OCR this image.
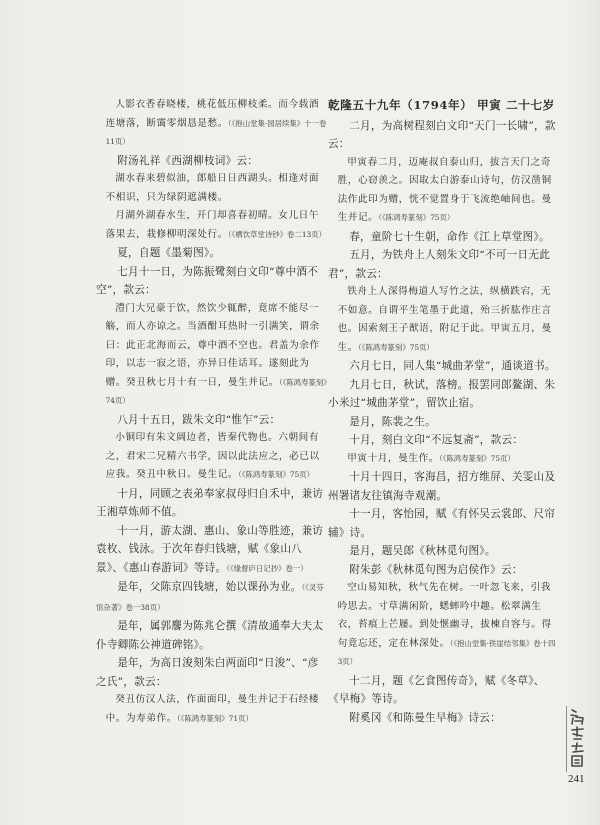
人影衣香春晓楼，桃花低压柳枝柔。而今载酒连塘落，断霭零烟恳是愁。（《抱山堂集·园居续集》十一卷11页）

附汤礼祥《西湖柳枝词》云：

湖水春来碧似油，郎船日日西湖头。相逢对面不相识，只为绿阴遮满楼。

月湖外湖春水生，开门却喜春初晴。女儿日午落果去，栽修柳明深处行。（《栖饮草堂诗钞》卷二13页）

夏，自题《墨菊图》。

七月十一日，为陈振鹭刻白文印“尊中酒不空”，款云：

澧门大兄豪于饮，然饮少辄醉，竟席不能尽一觞，而人亦谅之。当酒酣耳热时一引满笑，谓余曰：此正北海而云，尊中酒不空也。君盖为余作印，以志一寂之语，亦异日佳话耳。遂刻此为赠。癸丑秋七月十有一日，曼生并记。（《陈鸿寿篆刻》74页）

八月十五日，跋朱文印“惟乍”云：

小铜印有朱文阔边者，皆秦代物也。六朝间有之，君宋二兄精六书学，因以此法应之，必已以应我。癸丑中秋日。曼生记。（《陈鸿寿篆刻》75页）

十月，同顾之表弟奉家叔母归自禾中，兼访王湘草炼师不值。

十一月，游太湖、惠山、象山等胜迹，兼访袁枚、钱泳。于次年春归钱塘，赋《象山八景》、《惠山春游词》等诗。（《缘督庐日记抄》卷一）

是年，父陈京四钱塘，始以课孙为业。（《灵芬馆杂著》卷一38页）

是年，属郭麐为陈兆仑撰《清故通奉大夫太仆寺卿陈公神道碑铭》。

是年，为高日浚刻朱白两面印“日浚”、“彦之氏”，款云：

癸丑仿汉人法，作面面印，曼生并记于石经楼中。为寿弟作。（《陈鸿寿篆刻》71页）

乾隆五十九年（1794年） 甲寅 二十七岁

二月，为高树程刻白文印“天门一长啸”，款云：

甲寅春二月，迈庵叔自泰山归，拔言天门之奇胜，心窃羡之。因取太白游泰山诗句，仿汉凿铜法作此印为赠，恍不觉置身于飞流绝岫间也。曼生并记。（《陈鸿寿篆刻》75页）

春，童阶七十生朝，命作《江上草堂图》。

五月，为铁舟上人刻朱文印“不可一日无此君”，款云：

铁舟上人深得梅道人写竹之法，纵横跌宕，无不如意。自谓平生笔墨于此道，殆三折肱作庄言也。因索刻王子猷语，附记于此。甲寅五月，曼生。（《陈鸿寿篆刻》75页）

六月七日，同人集“城曲茅堂”，通谈道书。

九月七日，秋试，落榜。报罢同郎鳌湖、朱小米过“城曲茅堂”，留饮止宿。

是月，陈裴之生。

十月，刻白文印“不远复斋”，款云：

甲寅十月，曼生作。（《陈鸿寿篆刻》75页）

十月十四日，客海昌，招方维屏、关雯山及州署诸友往镇海寺观潮。

十一月，客怡园，赋《有怀吴云裳郎、尺帘辅》诗。

是月，题吴郎《秋林觅句图》。

附朱彭《秋林觅句图为启侯作》云：

空山易知秋，秋气先在树。一叶忽飞来，引我吟思去。寸草满闲阶，蟋蟀吟中趣。松翠满生衣，苔痕上芒屦。到处惬幽寻，拔楝自容与。得句竟忘还，定在林深处。（《抱山堂集·铁崖结邻集》卷十四3页）

十二月，题《乞食图传奇》，赋《冬草》、《早梅》等诗。

附奚冈《和陈曼生早梅》诗云：

241
